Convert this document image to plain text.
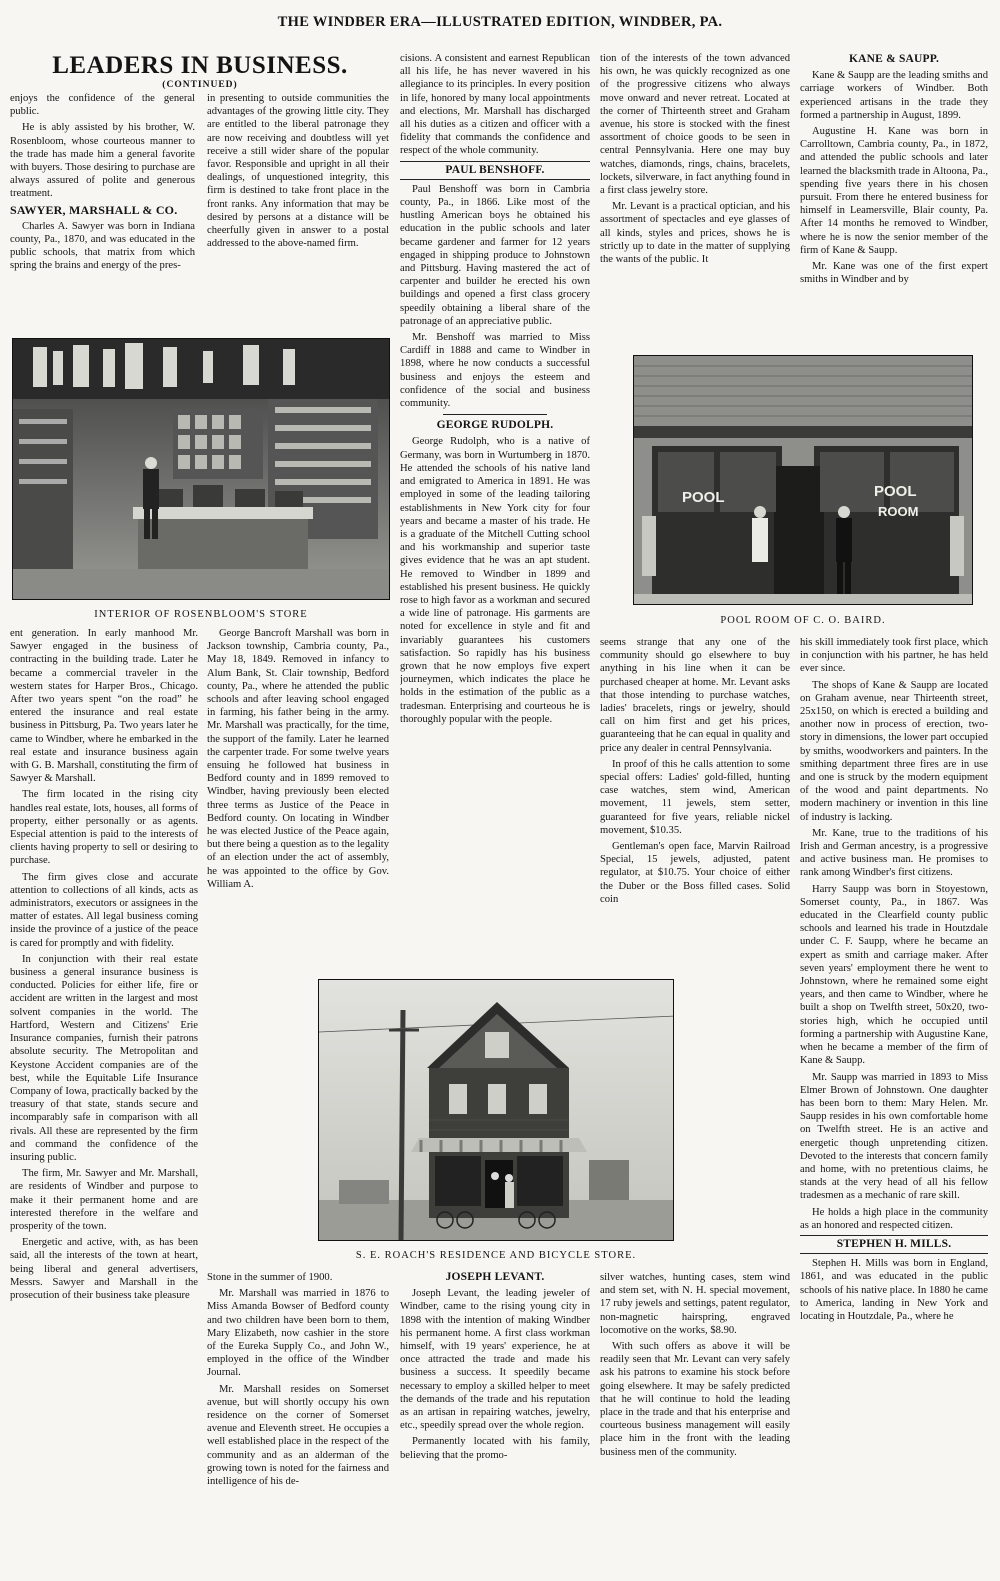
THE WINDBER ERA—ILLUSTRATED EDITION, WINDBER, PA.
LEADERS IN BUSINESS.
(CONTINUED)

enjoys the confidence of the general public.

He is ably assisted by his brother, W. Rosenbloom, whose courteous manner to the trade has made him a general favorite with buyers. Those desiring to purchase are always assured of polite and generous treatment.

SAWYER, MARSHALL & CO.

Charles A. Sawyer was born in Indiana county, Pa., 1870, and was educated in the public schools, that matrix from which spring the brains and energy of the pres-

in presenting to outside communities the advantages of the growing little city. They are entitled to the liberal patronage they are now receiving and doubtless will yet receive a still wider share of the popular favor. Responsible and upright in all their dealings, of unquestioned integrity, this firm is destined to take front place in the front ranks. Any information that may be desired by persons at a distance will be cheerfully given in answer to a postal addressed to the above-named firm.

cisions. A consistent and earnest Republican all his life, he has never wavered in his allegiance to its principles. In every position in life, honored by many local appointments and elections, Mr. Marshall has discharged all his duties as a citizen and officer with a fidelity that commands the confidence and respect of the whole community.

PAUL BENSHOFF.

Paul Benshoff was born in Cambria county, Pa., in 1866. Like most of the hustling American boys he obtained his education in the public schools and later became gardener and farmer for 12 years engaged in shipping produce to Johnstown and Pittsburg. Having mastered the act of carpenter and builder he erected his own buildings and opened a first class grocery speedily obtaining a liberal share of the patronage of an appreciative public.

Mr. Benshoff was married to Miss Cardiff in 1888 and came to Windber in 1898, where he now conducts a successful business and enjoys the esteem and confidence of the social and business community.

GEORGE RUDOLPH.

George Rudolph, who is a native of Germany, was born in Wurtumberg in 1870. He attended the schools of his native land and emigrated to America in 1891. He was employed in some of the leading tailoring establishments in New York city for four years and became a master of his trade. He is a graduate of the Mitchell Cutting school and his workmanship and superior taste gives evidence that he was an apt student. He removed to Windber in 1899 and established his present business. He quickly rose to high favor as a workman and secured a wide line of patronage. His garments are noted for excellence in style and fit and invariably guarantees his customers satisfaction. So rapidly has his business grown that he now employs five expert journeymen, which indicates the place he holds in the estimation of the public as a tradesman. Enterprising and courteous he is thoroughly popular with the people.

tion of the interests of the town advanced his own, he was quickly recognized as one of the progressive citizens who always move onward and never retreat. Located at the corner of Thirteenth street and Graham avenue, his store is stocked with the finest assortment of choice goods to be seen in central Pennsylvania. Here one may buy watches, diamonds, rings, chains, bracelets, lockets, silverware, in fact anything found in a first class jewelry store.

Mr. Levant is a practical optician, and his assortment of spectacles and eye glasses of all kinds, styles and prices, shows he is strictly up to date in the matter of supplying the wants of the public. It

KANE & SAUPP.

Kane & Saupp are the leading smiths and carriage workers of Windber. Both experienced artisans in the trade they formed a partnership in August, 1899.

Augustine H. Kane was born in Carrolltown, Cambria county, Pa., in 1872, and attended the public schools and later learned the blacksmith trade in Altoona, Pa., spending five years there in his chosen pursuit. From there he entered business for himself in Leamersville, Blair county, Pa. After 14 months he removed to Windber, where he is now the senior member of the firm of Kane & Saupp.

Mr. Kane was one of the first expert smiths in Windber and by

INTERIOR OF ROSENBLOOM'S STORE
POOL	POOL
ROOM
POOL ROOM OF C. O. BAIRD.

ent generation. In early manhood Mr. Sawyer engaged in the business of contracting in the building trade. Later he became a commercial traveler in the western states for Harper Bros., Chicago. After two years spent “on the road” he entered the insurance and real estate business in Pittsburg, Pa. Two years later he came to Windber, where he embarked in the real estate and insurance business again with G. B. Marshall, constituting the firm of Sawyer & Marshall.

The firm located in the rising city handles real estate, lots, houses, all forms of property, either personally or as agents. Especial attention is paid to the interests of clients having property to sell or desiring to purchase.

The firm gives close and accurate attention to collections of all kinds, acts as administrators, executors or assignees in the matter of estates. All legal business coming inside the province of a justice of the peace is cared for promptly and with fidelity.

In conjunction with their real estate business a general insurance business is conducted. Policies for either life, fire or accident are written in the largest and most solvent companies in the world. The Hartford, Western and Citizens' Erie Insurance companies, furnish their patrons absolute security. The Metropolitan and Keystone Accident companies are of the best, while the Equitable Life Insurance Company of Iowa, practically backed by the treasury of that state, stands secure and incomparably safe in comparison with all rivals. All these are represented by the firm and command the confidence of the insuring public.

The firm, Mr. Sawyer and Mr. Marshall, are residents of Windber and purpose to make it their permanent home and are interested therefore in the welfare and prosperity of the town.

Energetic and active, with, as has been said, all the interests of the town at heart, being liberal and general advertisers, Messrs. Sawyer and Marshall in the prosecution of their business take pleasure

George Bancroft Marshall was born in Jackson township, Cambria county, Pa., May 18, 1849. Removed in infancy to Alum Bank, St. Clair township, Bedford county, Pa., where he attended the public schools and after leaving school engaged in farming, his father being in the army. Mr. Marshall was practically, for the time, the support of the family. Later he learned the carpenter trade. For some twelve years ensuing he followed hat business in Bedford county and in 1899 removed to Windber, having previously been elected three terms as Justice of the Peace in Bedford county. On locating in Windber he was elected Justice of the Peace again, but there being a question as to the legality of an election under the act of assembly, he was appointed to the office by Gov. William A.

seems strange that any one of the community should go elsewhere to buy anything in his line when it can be purchased cheaper at home. Mr. Levant asks that those intending to purchase watches, ladies' bracelets, rings or jewelry, should call on him first and get his prices, guaranteeing that he can equal in quality and price any dealer in central Pennsylvania.

In proof of this he calls attention to some special offers: Ladies' gold-filled, hunting case watches, stem wind, American movement, 11 jewels, stem setter, guaranteed for five years, reliable nickel movement, $10.35.

Gentleman's open face, Marvin Railroad Special, 15 jewels, adjusted, patent regulator, at $10.75. Your choice of either the Duber or the Boss filled cases. Solid coin

his skill immediately took first place, which in conjunction with his partner, he has held ever since.

The shops of Kane & Saupp are located on Graham avenue, near Thirteenth street, 25x150, on which is erected a building and another now in process of erection, two-story in dimensions, the lower part occupied by smiths, woodworkers and painters. In the smithing department three fires are in use and one is struck by the modern equipment of the wood and paint departments. No modern machinery or invention in this line of industry is lacking.

Mr. Kane, true to the traditions of his Irish and German ancestry, is a progressive and active business man. He promises to rank among Windber's first citizens.

Harry Saupp was born in Stoyestown, Somerset county, Pa., in 1867. Was educated in the Clearfield county public schools and learned his trade in Houtzdale under C. F. Saupp, where he became an expert as smith and carriage maker. After seven years' employment there he went to Johnstown, where he remained some eight years, and then came to Windber, where he built a shop on Twelfth street, 50x20, two-stories high, which he occupied until forming a partnership with Augustine Kane, when he became a member of the firm of Kane & Saupp.

Mr. Saupp was married in 1893 to Miss Elmer Brown of Johnstown. One daughter has been born to them: Mary Helen. Mr. Saupp resides in his own comfortable home on Twelfth street. He is an active and energetic though unpretending citizen. Devoted to the interests that concern family and home, with no pretentious claims, he stands at the very head of all his fellow tradesmen as a mechanic of rare skill.

He holds a high place in the community as an honored and respected citizen.

STEPHEN H. MILLS.

Stephen H. Mills was born in England, 1861, and was educated in the public schools of his native place. In 1880 he came to America, landing in New York and locating in Houtzdale, Pa., where he

S. E. ROACH'S RESIDENCE AND BICYCLE STORE.

Stone in the summer of 1900.

Mr. Marshall was married in 1876 to Miss Amanda Bowser of Bedford county and two children have been born to them, Mary Elizabeth, now cashier in the store of the Eureka Supply Co., and John W., employed in the office of the Windber Journal.

Mr. Marshall resides on Somerset avenue, but will shortly occupy his own residence on the corner of Somerset avenue and Eleventh street. He occupies a well established place in the respect of the community and as an alderman of the growing town is noted for the fairness and intelligence of his de-

JOSEPH LEVANT.

Joseph Levant, the leading jeweler of Windber, came to the rising young city in 1898 with the intention of making Windber his permanent home. A first class workman himself, with 19 years' experience, he at once attracted the trade and made his business a success. It speedily became necessary to employ a skilled helper to meet the demands of the trade and his reputation as an artisan in repairing watches, jewelry, etc., speedily spread over the whole region.

Permanently located with his family, believing that the promo-

silver watches, hunting cases, stem wind and stem set, with N. H. special movement, 17 ruby jewels and settings, patent regulator, non-magnetic hairspring, engraved locomotive on the works, $8.90.

With such offers as above it will be readily seen that Mr. Levant can very safely ask his patrons to examine his stock before going elsewhere. It may be safely predicted that he will continue to hold the leading place in the trade and that his enterprise and courteous business management will easily place him in the front with the leading business men of the community.
